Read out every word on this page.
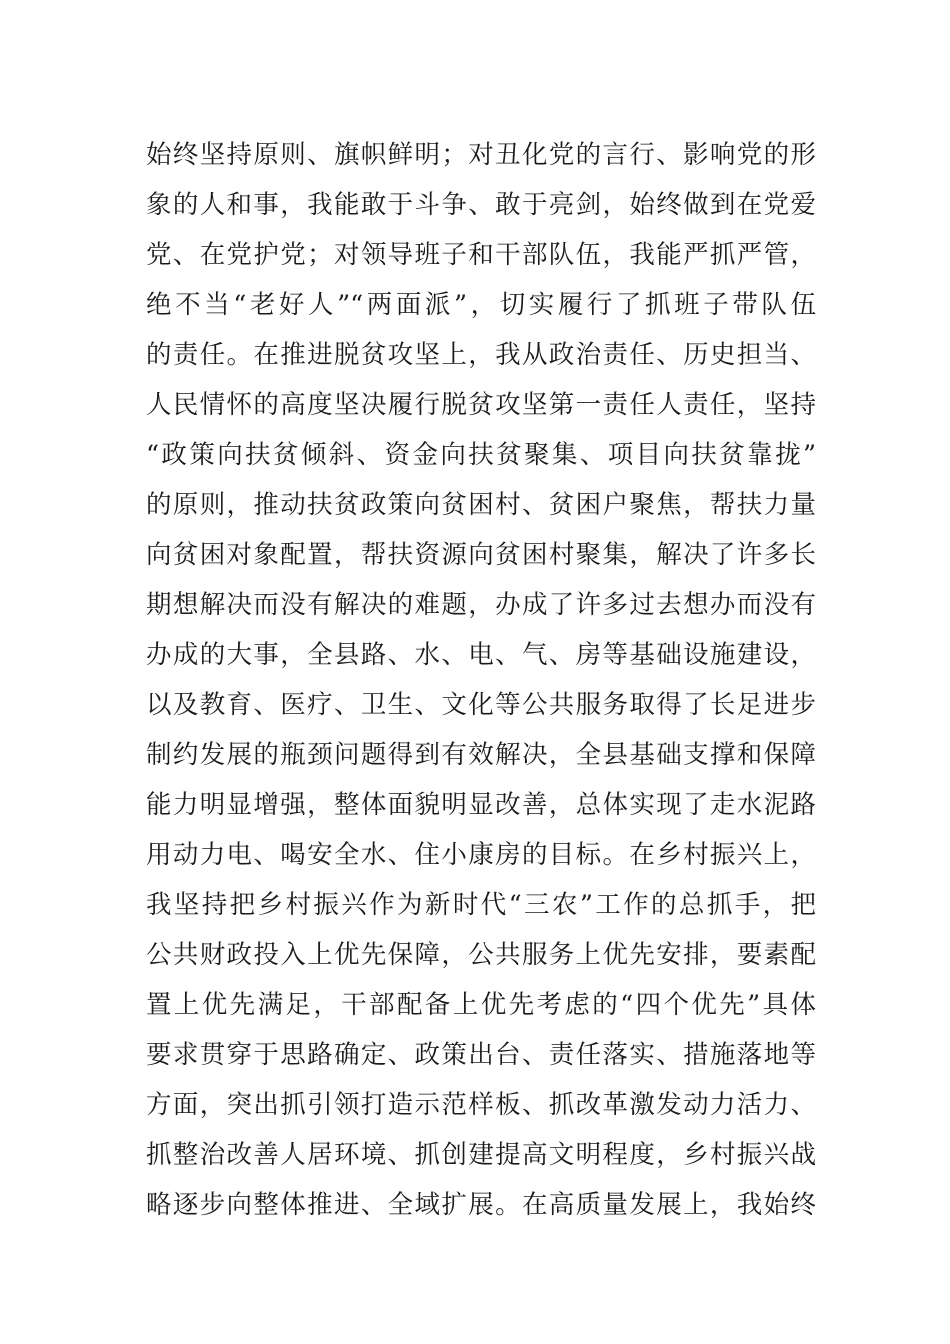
始终坚持原则、旗帜鲜明；对丑化党的言行、影响党的形
象的人和事，我能敢于斗争、敢于亮剑，始终做到在党爱
党、在党护党；对领导班子和干部队伍，我能严抓严管，
绝不当“老好人”“两面派”，切实履行了抓班子带队伍
的责任。在推进脱贫攻坚上，我从政治责任、历史担当、
人民情怀的高度坚决履行脱贫攻坚第一责任人责任，坚持
“政策向扶贫倾斜、资金向扶贫聚集、项目向扶贫靠拢”
的原则，推动扶贫政策向贫困村、贫困户聚焦，帮扶力量
向贫困对象配置，帮扶资源向贫困村聚集，解决了许多长
期想解决而没有解决的难题，办成了许多过去想办而没有
办成的大事，全县路、水、电、气、房等基础设施建设，
以及教育、医疗、卫生、文化等公共服务取得了长足进步
制约发展的瓶颈问题得到有效解决，全县基础支撑和保障
能力明显增强，整体面貌明显改善，总体实现了走水泥路
用动力电、喝安全水、住小康房的目标。在乡村振兴上，
我坚持把乡村振兴作为新时代“三农”工作的总抓手，把
公共财政投入上优先保障，公共服务上优先安排，要素配
置上优先满足，干部配备上优先考虑的“四个优先”具体
要求贯穿于思路确定、政策出台、责任落实、措施落地等
方面，突出抓引领打造示范样板、抓改革激发动力活力、
抓整治改善人居环境、抓创建提高文明程度，乡村振兴战
略逐步向整体推进、全域扩展。在高质量发展上，我始终
